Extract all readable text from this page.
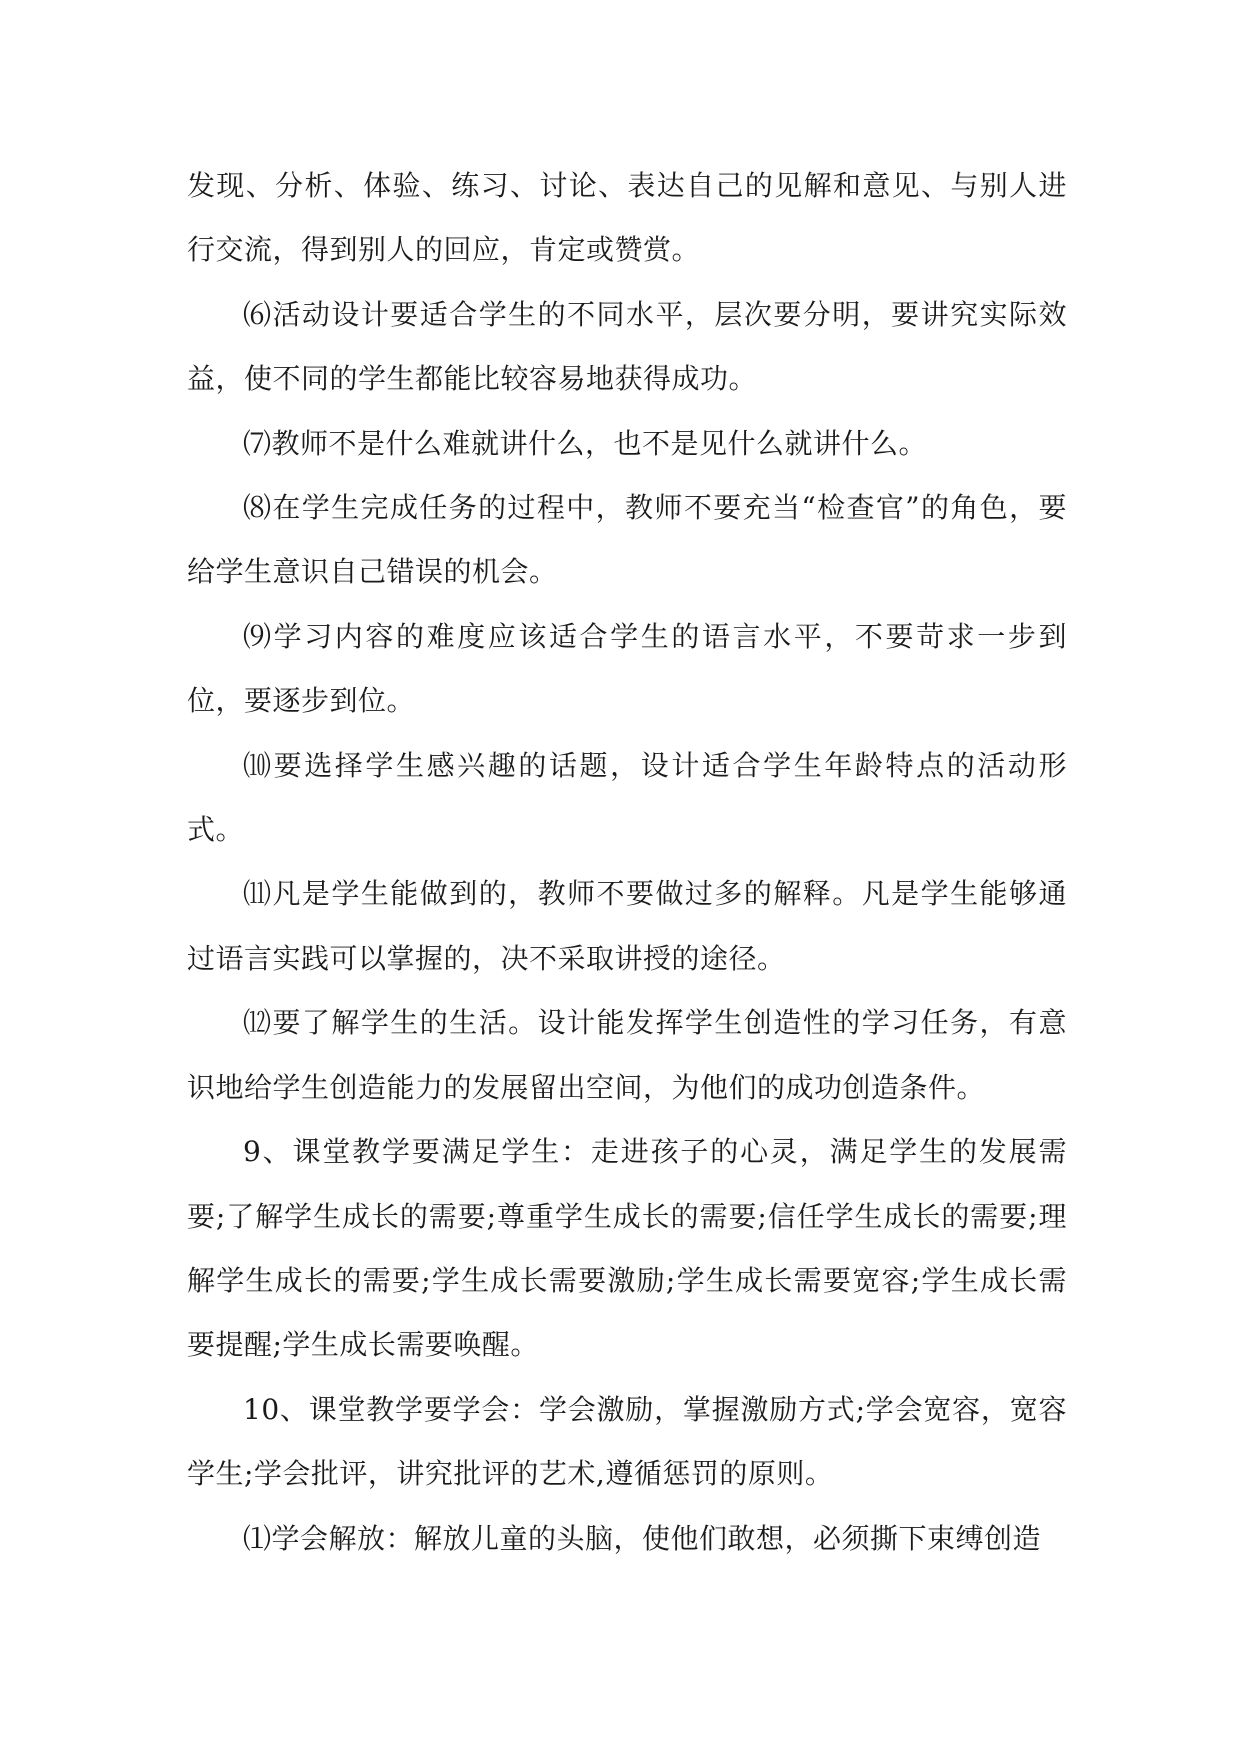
发现、分析、体验、练习、讨论、表达自己的见解和意见、与别人进行交流，得到别人的回应，肯定或赞赏。

⑹活动设计要适合学生的不同水平，层次要分明，要讲究实际效益，使不同的学生都能比较容易地获得成功。

⑺教师不是什么难就讲什么，也不是见什么就讲什么。

⑻在学生完成任务的过程中，教师不要充当“检查官”的角色，要给学生意识自己错误的机会。

⑼学习内容的难度应该适合学生的语言水平，不要苛求一步到位，要逐步到位。

⑽要选择学生感兴趣的话题，设计适合学生年龄特点的活动形式。

⑾凡是学生能做到的，教师不要做过多的解释。凡是学生能够通过语言实践可以掌握的，决不采取讲授的途径。

⑿要了解学生的生活。设计能发挥学生创造性的学习任务，有意识地给学生创造能力的发展留出空间，为他们的成功创造条件。

9、课堂教学要满足学生：走进孩子的心灵，满足学生的发展需要;了解学生成长的需要;尊重学生成长的需要;信任学生成长的需要;理解学生成长的需要;学生成长需要激励;学生成长需要宽容;学生成长需要提醒;学生成长需要唤醒。

10、课堂教学要学会：学会激励，掌握激励方式;学会宽容，宽容学生;学会批评，讲究批评的艺术,遵循惩罚的原则。

⑴学会解放：解放儿童的头脑，使他们敢想，必须撕下束缚创造
